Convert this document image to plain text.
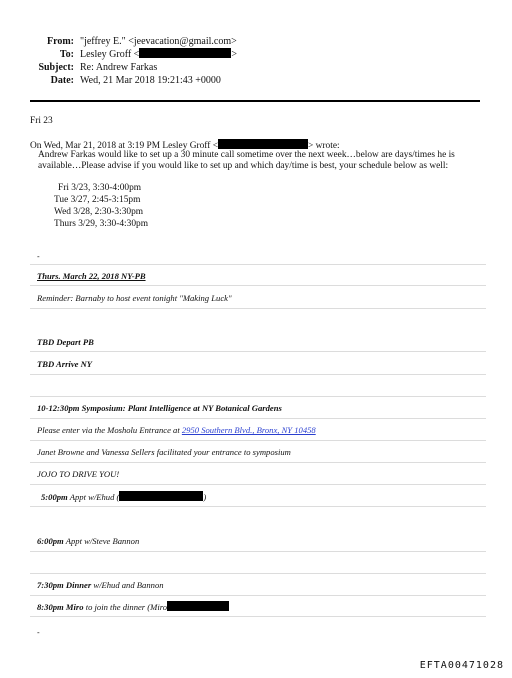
From: "jeffrey E." <jeevacation@gmail.com>
To: Lesley Groff <	>
Subject: Re: Andrew Farkas
Date: Wed, 21 Mar 2018 19:21:43 +0000
Fri 23
On Wed, Mar 21, 2018 at 3:19 PM Lesley Groff <	> wrote:
Andrew Farkas would like to set up a 30 minute call sometime over the next week…below are days/times he is
available…Please advise if you would like to set up and which day/time is best, your schedule below as well:
Fri 3/23, 3:30-4:00pm
Tue 3/27, 2:45-3:15pm
Wed 3/28, 2:30-3:30pm
Thurs 3/29, 3:30-4:30pm
-
Thurs. March 22, 2018 NY-PB
Reminder: Barnaby to host event tonight "Making Luck"
TBD Depart PB
TBD Arrive NY
10-12:30pm Symposium: Plant Intelligence at NY Botanical Gardens
Please enter via the Mosholu Entrance at 2950 Southern Blvd., Bronx, NY 10458
Janet Browne and Vanessa Sellers facilitated your entrance to symposium
JOJO TO DRIVE YOU!
5:00pm Appt w/Ehud (	)
6:00pm Appt w/Steve Bannon
7:30pm Dinner w/Ehud and Bannon
8:30pm Miro to join the dinner (Miro
-
EFTA00471028
